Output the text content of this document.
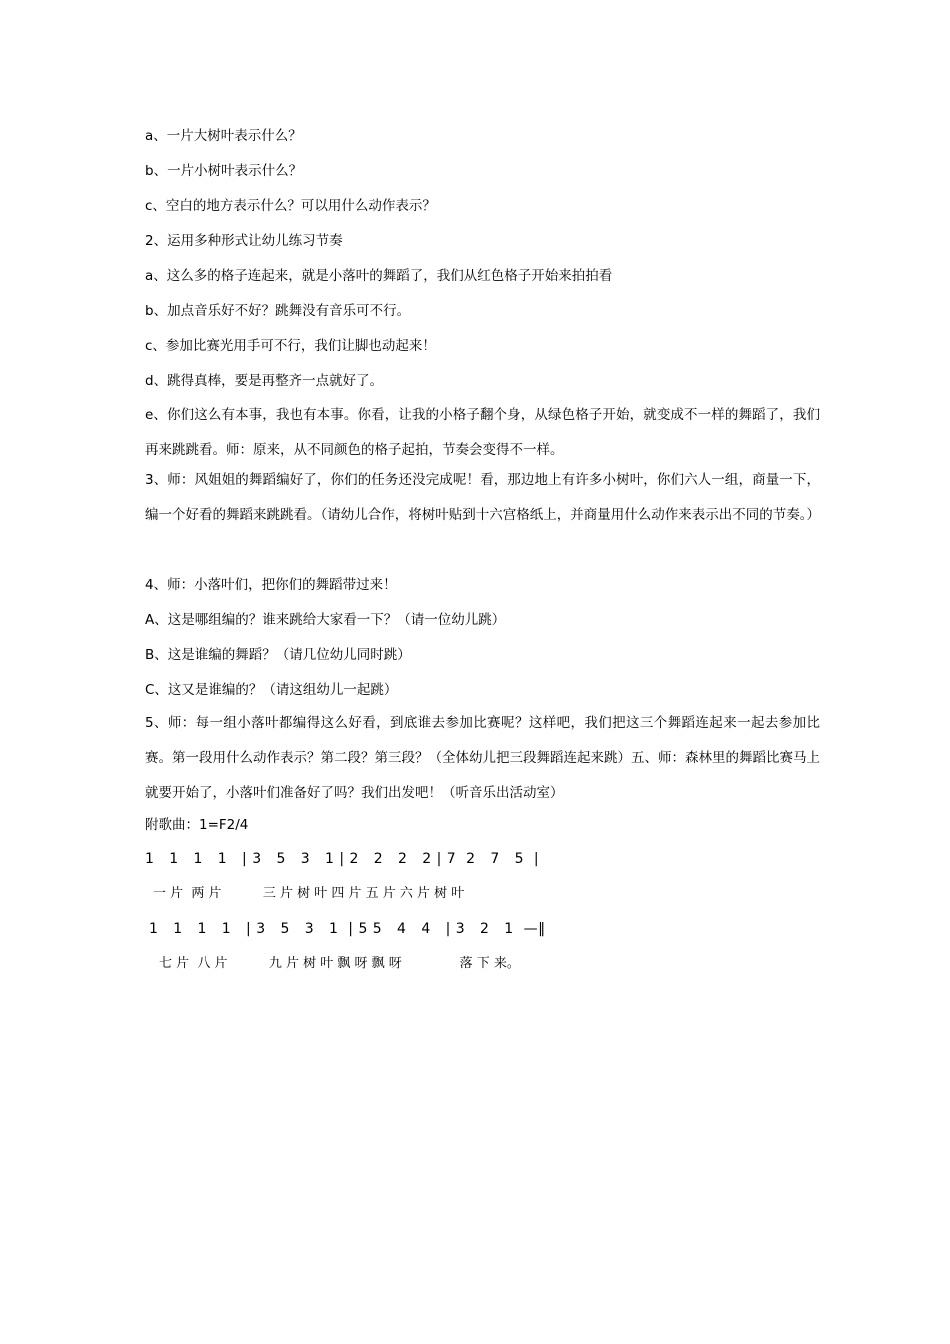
a、一片大树叶表示什么？
b、一片小树叶表示什么？
c、空白的地方表示什么？可以用什么动作表示？
2、运用多种形式让幼儿练习节奏
a、这么多的格子连起来，就是小落叶的舞蹈了，我们从红色格子开始来拍拍看
b、加点音乐好不好？跳舞没有音乐可不行。
c、参加比赛光用手可不行，我们让脚也动起来！
d、跳得真棒，要是再整齐一点就好了。
e、你们这么有本事，我也有本事。你看，让我的小格子翻个身，从绿色格子开始，就变成不一样的舞蹈了，我们再来跳跳看。师：原来，从不同颜色的格子起拍，节奏会变得不一样。
3、师：风姐姐的舞蹈编好了，你们的任务还没完成呢！看，那边地上有许多小树叶，你们六人一组，商量一下，编一个好看的舞蹈来跳跳看。（请幼儿合作，将树叶贴到十六宫格纸上，并商量用什么动作来表示出不同的节奏。）
4、师：小落叶们，把你们的舞蹈带过来！
A、这是哪组编的？谁来跳给大家看一下？（请一位幼儿跳）
B、这是谁编的舞蹈？（请几位幼儿同时跳）
C、这又是谁编的？（请这组幼儿一起跳）
5、师：每一组小落叶都编得这么好看，到底谁去参加比赛呢？这样吧，我们把这三个舞蹈连起来一起去参加比赛。第一段用什么动作表示？第二段？第三段？（全体幼儿把三段舞蹈连起来跳）五、师：森林里的舞蹈比赛马上就要开始了，小落叶们准备好了吗？我们出发吧！（听音乐出活动室）
附歌曲：1=F2/4
1   1   1   1   | 3   5   3   1 | 2   2   2   2 | 7  2   7   5  |
一 片  两 片          三 片 树 叶 四 片 五 片 六 片 树 叶
1   1   1   1   | 3   5   3   1  | 5 5   4   4   | 3   2   1  —‖
七 片  八 片          九 片 树 叶 飘 呀 飘 呀              落 下 来。
